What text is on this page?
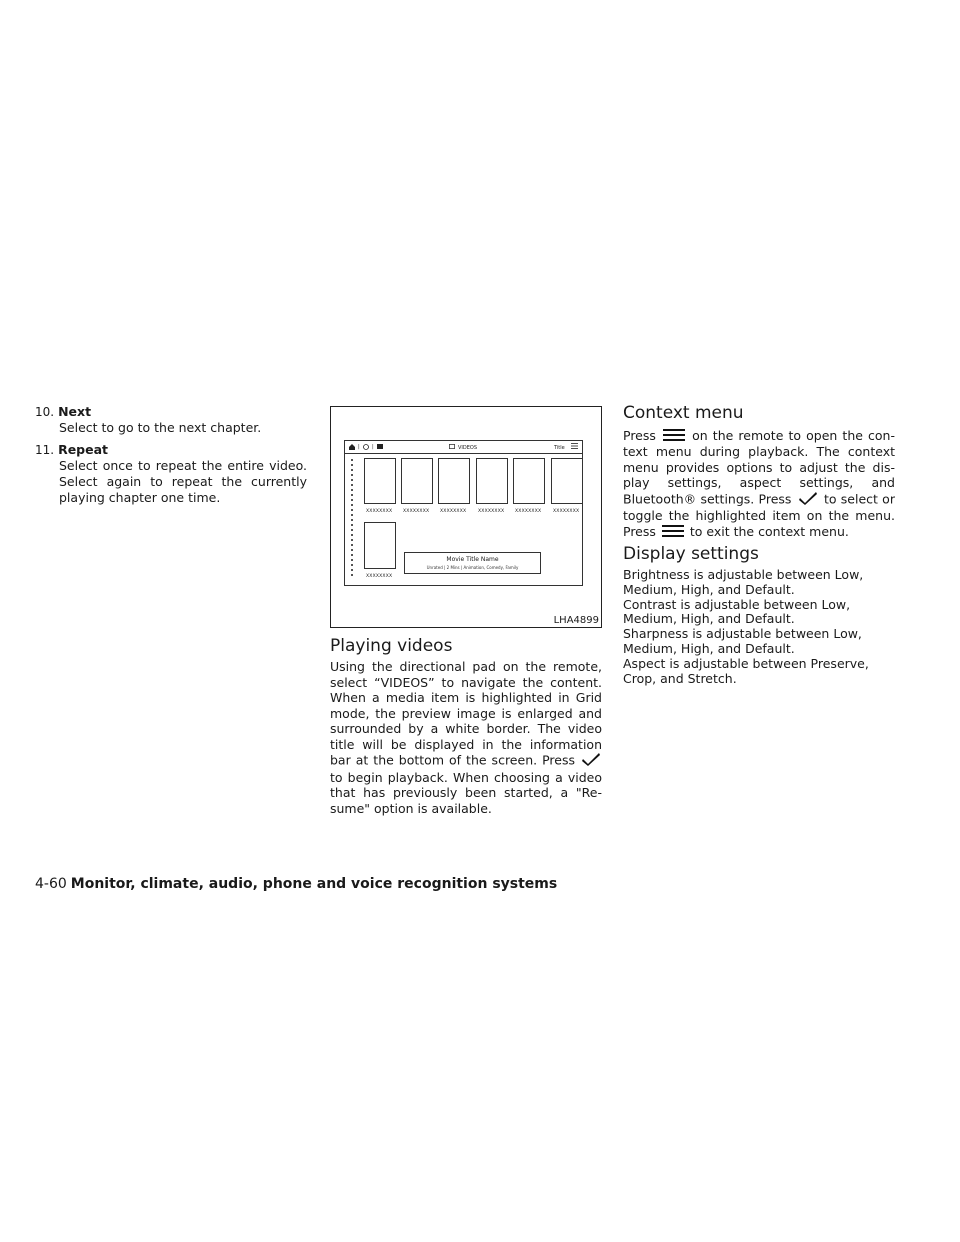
10. Next
Select to go to the next chapter.
11. Repeat
Select once to repeat the entire video. Select again to repeat the currently playing chapter one time.
| |	VIDEOS	Title
XXXXXXXX XXXXXXXX XXXXXXXX	XXXXXXXX XXXXXXXX	XXXXXXXX
XXXXXXXX
Movie Title Name
Unrated | 2 Mins | Animation, Comedy, Family
LHA4899
Playing videos
Using the directional pad on the remote, select “VIDEOS” to navigate the content. When a media item is highlighted in Grid mode, the preview image is enlarged and surrounded by a white border. The video title will be displayed in the information bar at the bottom of the screen. Press  to begin playback. When choosing a video that has previously been started, a "Re-sume" option is available.
Context menu
Press	on the remote to open the con-text menu during playback. The context menu provides options to adjust the dis-play settings, aspect settings, and Bluetooth® settings. Press	to select or toggle the highlighted item on the menu. Press	to exit the context menu.
Display settings
Brightness is adjustable between Low, Medium, High, and Default.
Contrast is adjustable between Low, Medium, High, and Default.
Sharpness is adjustable between Low, Medium, High, and Default.
Aspect is adjustable between Preserve, Crop, and Stretch.
4-60 Monitor, climate, audio, phone and voice recognition systems
